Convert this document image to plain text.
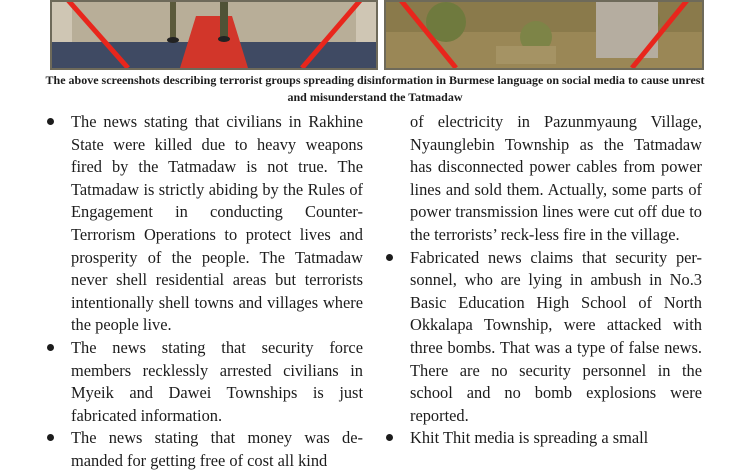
The above screenshots describing terrorist groups spreading disinformation in Burmese language on social media to cause unrest and misunderstand the Tatmadaw

The news stating that civilians in Rakhine State were killed due to heavy weapons fired by the Tatmadaw is not true. The Tatmadaw is strictly abiding by the Rules of Engagement in conducting Counter-Terrorism Operations to protect lives and prosperity of the people. The Tatmadaw never shell residential areas but terrorists intentionally shell towns and villages where the people live.

The news stating that security force members recklessly arrested civilians in Myeik and Dawei Townships is just fabricated information.

The news stating that money was de-manded for getting free of cost all kind

of electricity in Pazunmyaung Village, Nyaunglebin Township as the Tatmadaw has disconnected power cables from power lines and sold them. Actually, some parts of power transmission lines were cut off due to the terrorists’ reck-less fire in the village.

Fabricated news claims that security per-sonnel, who are lying in ambush in No.3 Basic Education High School of North Okkalapa Township, were attacked with three bombs. That was a type of false news. There are no security personnel in the school and no bomb explosions were reported.

Khit Thit media is spreading a small
